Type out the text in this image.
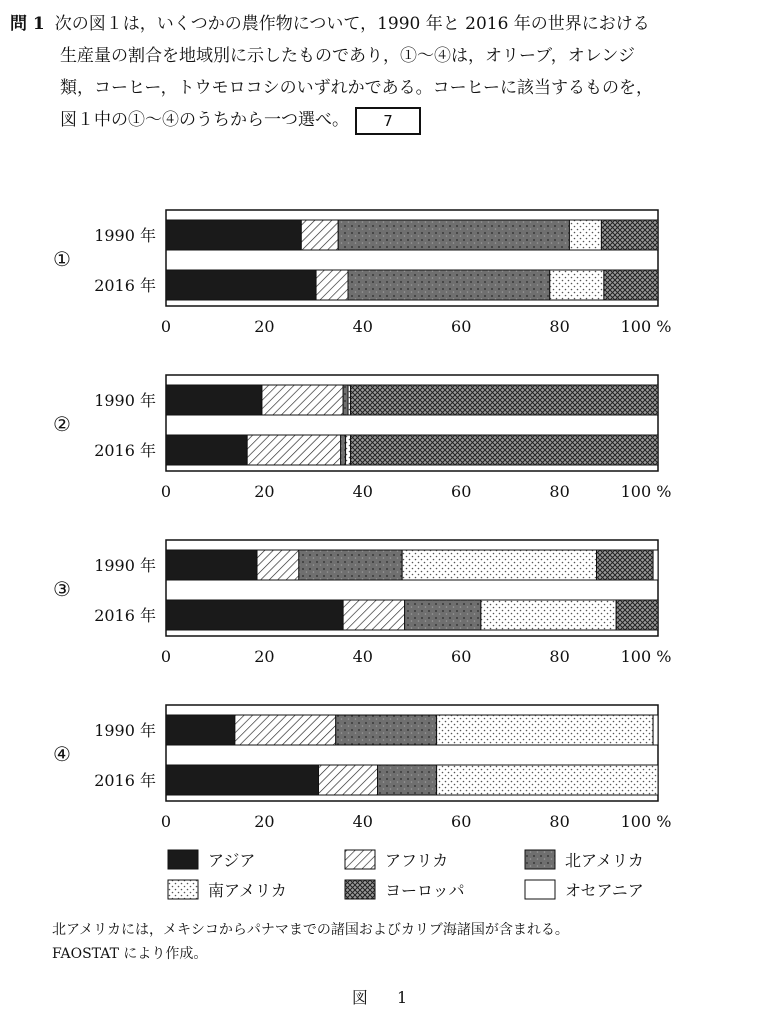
問 1 次の図１は，いくつかの農作物について，1990 年と 2016 年の世界における
生産量の割合を地域別に示したものであり，①～④は，オリーブ，オレンジ
類，コーヒー，トウモロコシのいずれかである。コーヒーに該当するものを，
図１中の①～④のうちから一つ選べ。 7
①
1990 年
2016 年
0	20	40	60	80	100 %
②
1990 年
2016 年
0	20	40	60	80	100 %
③
1990 年
2016 年
0	20	40	60	80	100 %
④
1990 年
2016 年
0	20	40	60	80	100 %
アジア	アフリカ	北アメリカ
南アメリカ	ヨーロッパ	オセアニア
北アメリカには，メキシコからパナマまでの諸国およびカリブ海諸国が含まれる。
FAOSTAT により作成。
図 1
